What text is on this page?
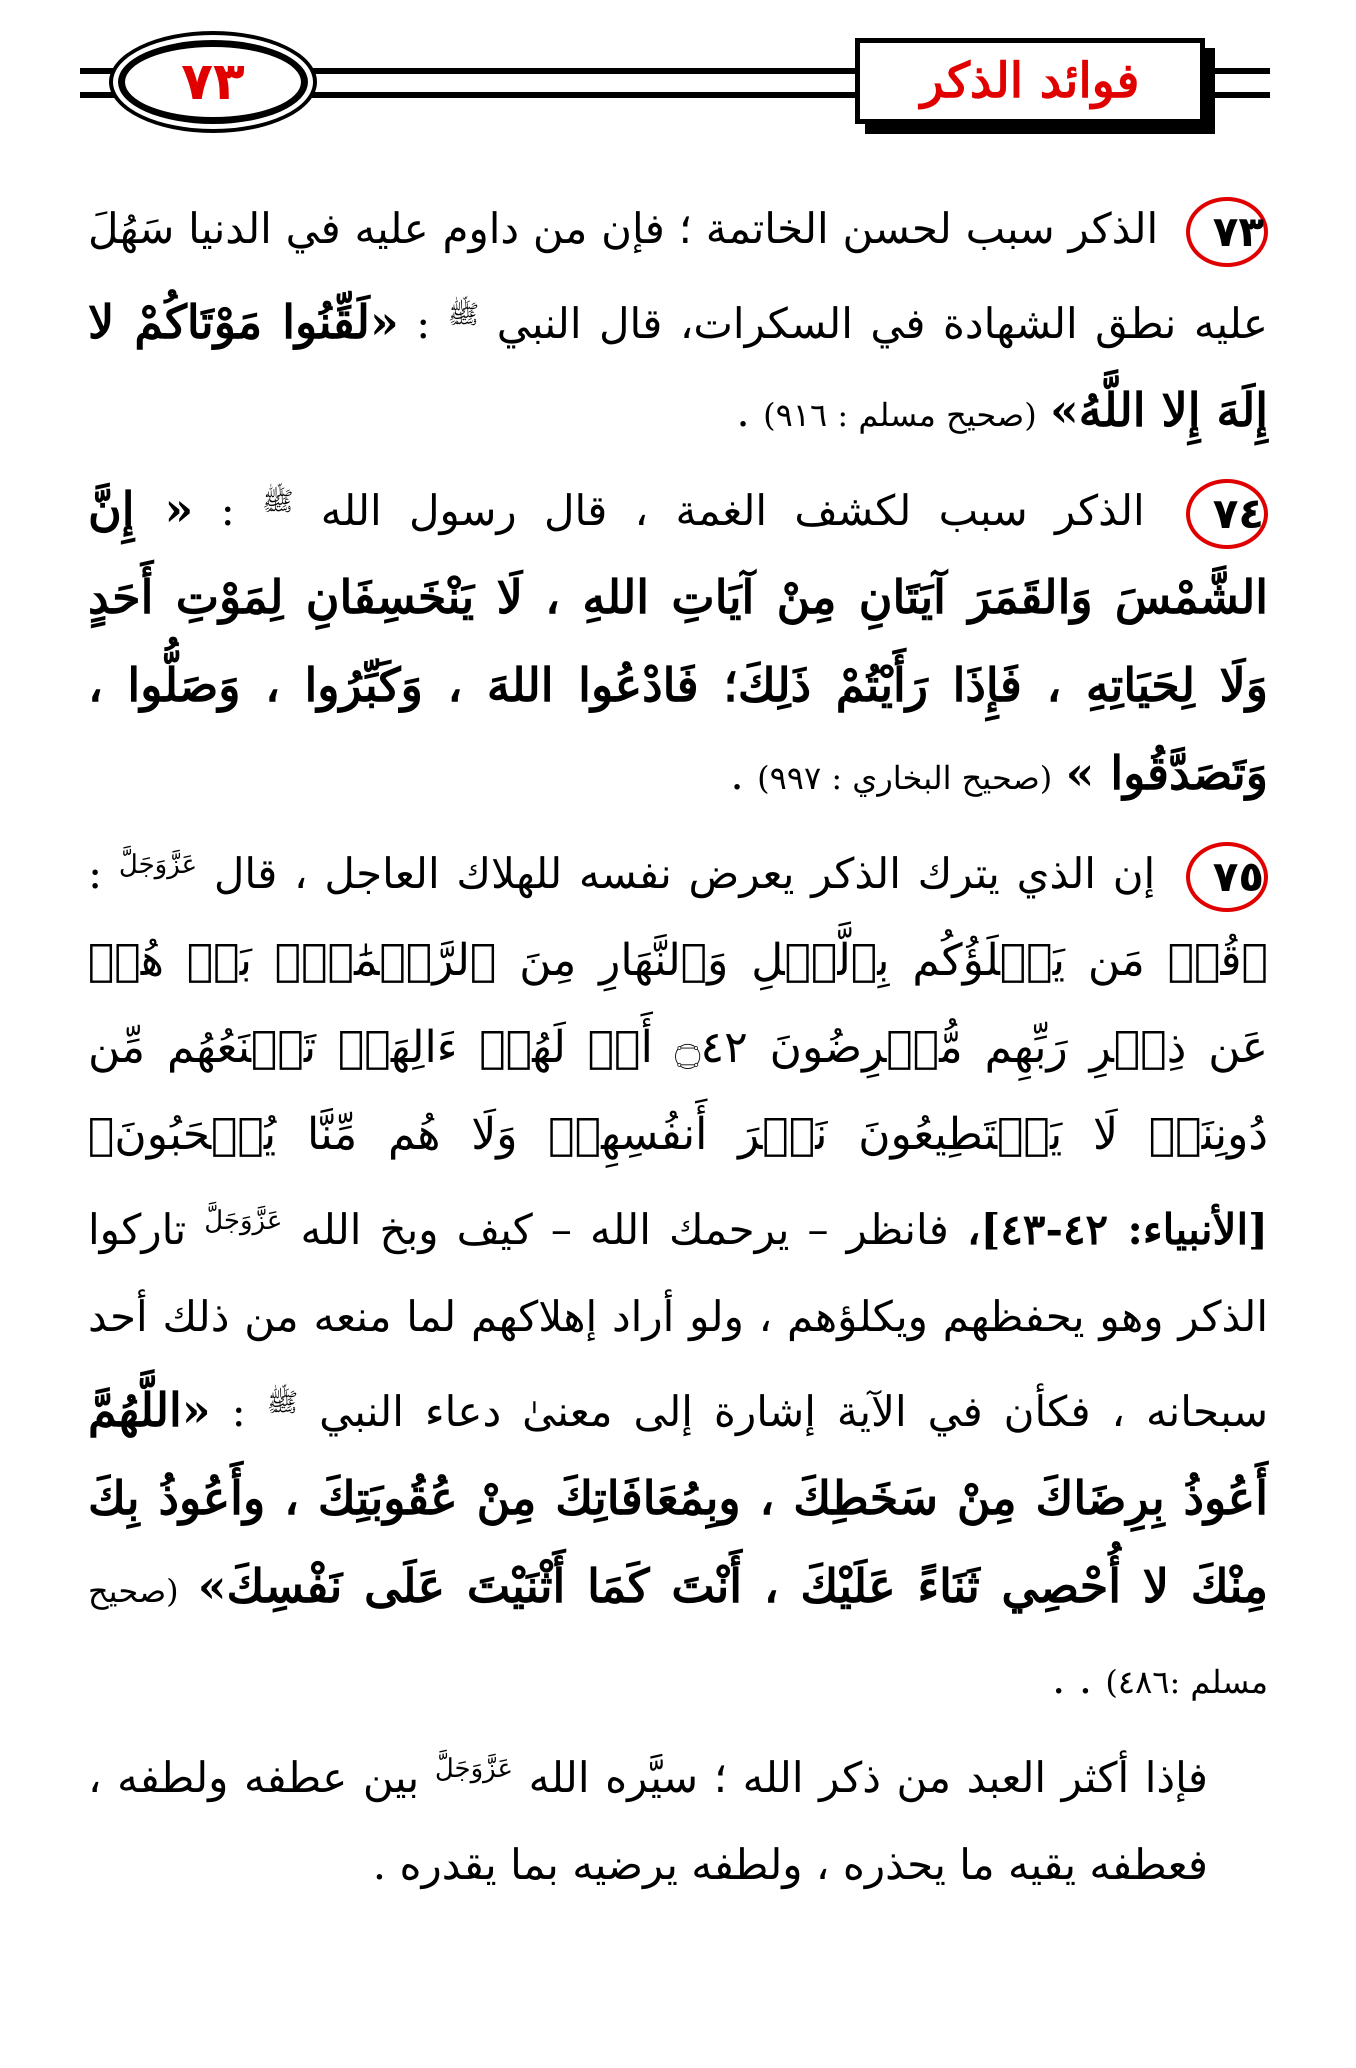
٧٣	فوائد الذكر

٧٣ الذكر سبب لحسن الخاتمة ؛ فإن من داوم عليه في الدنيا سَهُلَ عليه نطق الشهادة في السكرات، قال النبي $^ﷺ$ : «لَقِّنُوا مَوْتَاكُمْ لا إِلَهَ إِلا اللَّهُ» (صحيح مسلم : ٩١٦) .

٧٤ الذكر سبب لكشف الغمة ، قال رسول الله $^ﷺ$ : « إِنَّ الشَّمْسَ وَالقَمَرَ آيَتَانِ مِنْ آيَاتِ اللهِ ، لَا يَنْخَسِفَانِ لِمَوْتِ أَحَدٍ وَلَا لِحَيَاتِهِ ، فَإِذَا رَأَيْتُمْ ذَلِكَ؛ فَادْعُوا اللهَ ، وَكَبِّرُوا ، وَصَلُّوا ، وَتَصَدَّقُوا » (صحيح البخاري : ٩٩٧) .

٧٥ إن الذي يترك الذكر يعرض نفسه للهلاك العاجل ، قال $^{عَزَّوَجَلَّ}$ : ﴿قُلۡ مَن يَكۡلَؤُكُم بِٱلَّيۡلِ وَٱلنَّهَارِ مِنَ ٱلرَّحۡمَٰنِۗ بَلۡ هُمۡ عَن ذِكۡرِ رَبِّهِم مُّعۡرِضُونَ ۝٤٢ أَمۡ لَهُمۡ ءَالِهَةٞ تَمۡنَعُهُم مِّن دُونِنَاۚ لَا يَسۡتَطِيعُونَ نَصۡرَ أَنفُسِهِمۡ وَلَا هُم مِّنَّا يُصۡحَبُونَ﴾ [الأنبياء: ٤٢-٤٣]، فانظر – يرحمك الله – كيف وبخ الله $^{عَزَّوَجَلَّ}$ تاركوا الذكر وهو يحفظهم ويكلؤهم ، ولو أراد إهلاكهم لما منعه من ذلك أحد سبحانه ، فكأن في الآية إشارة إلى معنىٰ دعاء النبي $^ﷺ$ : «اللَّهُمَّ أَعُوذُ بِرِضَاكَ مِنْ سَخَطِكَ ، وبِمُعَافَاتِكَ مِنْ عُقُوبَتِكَ ، وأَعُوذُ بِكَ مِنْكَ لا أُحْصِي ثَنَاءً عَلَيْكَ ، أَنْتَ كَمَا أَثْنَيْتَ عَلَى نَفْسِكَ» (صحيح مسلم :٤٨٦) . .

فإذا أكثر العبد من ذكر الله ؛ سيَّره الله $^{عَزَّوَجَلَّ}$ بين عطفه ولطفه ، فعطفه يقيه ما يحذره ، ولطفه يرضيه بما يقدره .
